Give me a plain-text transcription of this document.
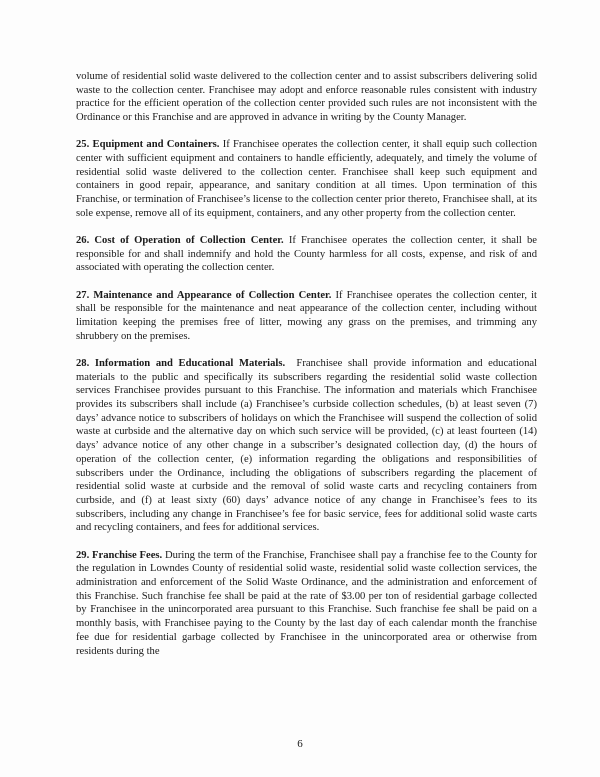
volume of residential solid waste delivered to the collection center and to assist subscribers delivering solid waste to the collection center. Franchisee may adopt and enforce reasonable rules consistent with industry practice for the efficient operation of the collection center provided such rules are not inconsistent with the Ordinance or this Franchise and are approved in advance in writing by the County Manager.

25. Equipment and Containers. If Franchisee operates the collection center, it shall equip such collection center with sufficient equipment and containers to handle efficiently, adequately, and timely the volume of residential solid waste delivered to the collection center. Franchisee shall keep such equipment and containers in good repair, appearance, and sanitary condition at all times. Upon termination of this Franchise, or termination of Franchisee’s license to the collection center prior thereto, Franchisee shall, at its sole expense, remove all of its equipment, containers, and any other property from the collection center.

26. Cost of Operation of Collection Center. If Franchisee operates the collection center, it shall be responsible for and shall indemnify and hold the County harmless for all costs, expense, and risk of and associated with operating the collection center.

27. Maintenance and Appearance of Collection Center. If Franchisee operates the collection center, it shall be responsible for the maintenance and neat appearance of the collection center, including without limitation keeping the premises free of litter, mowing any grass on the premises, and trimming any shrubbery on the premises.

28. Information and Educational Materials. Franchisee shall provide information and educational materials to the public and specifically its subscribers regarding the residential solid waste collection services Franchisee provides pursuant to this Franchise. The information and materials which Franchisee provides its subscribers shall include (a) Franchisee’s curbside collection schedules, (b) at least seven (7) days’ advance notice to subscribers of holidays on which the Franchisee will suspend the collection of solid waste at curbside and the alternative day on which such service will be provided, (c) at least fourteen (14) days’ advance notice of any other change in a subscriber’s designated collection day, (d) the hours of operation of the collection center, (e) information regarding the obligations and responsibilities of subscribers under the Ordinance, including the obligations of subscribers regarding the placement of residential solid waste at curbside and the removal of solid waste carts and recycling containers from curbside, and (f) at least sixty (60) days’ advance notice of any change in Franchisee’s fees to its subscribers, including any change in Franchisee’s fee for basic service, fees for additional solid waste carts and recycling containers, and fees for additional services.

29. Franchise Fees. During the term of the Franchise, Franchisee shall pay a franchise fee to the County for the regulation in Lowndes County of residential solid waste, residential solid waste collection services, the administration and enforcement of the Solid Waste Ordinance, and the administration and enforcement of this Franchise. Such franchise fee shall be paid at the rate of $3.00 per ton of residential garbage collected by Franchisee in the unincorporated area pursuant to this Franchise. Such franchise fee shall be paid on a monthly basis, with Franchisee paying to the County by the last day of each calendar month the franchise fee due for residential garbage collected by Franchisee in the unincorporated area or otherwise from residents during the

6
